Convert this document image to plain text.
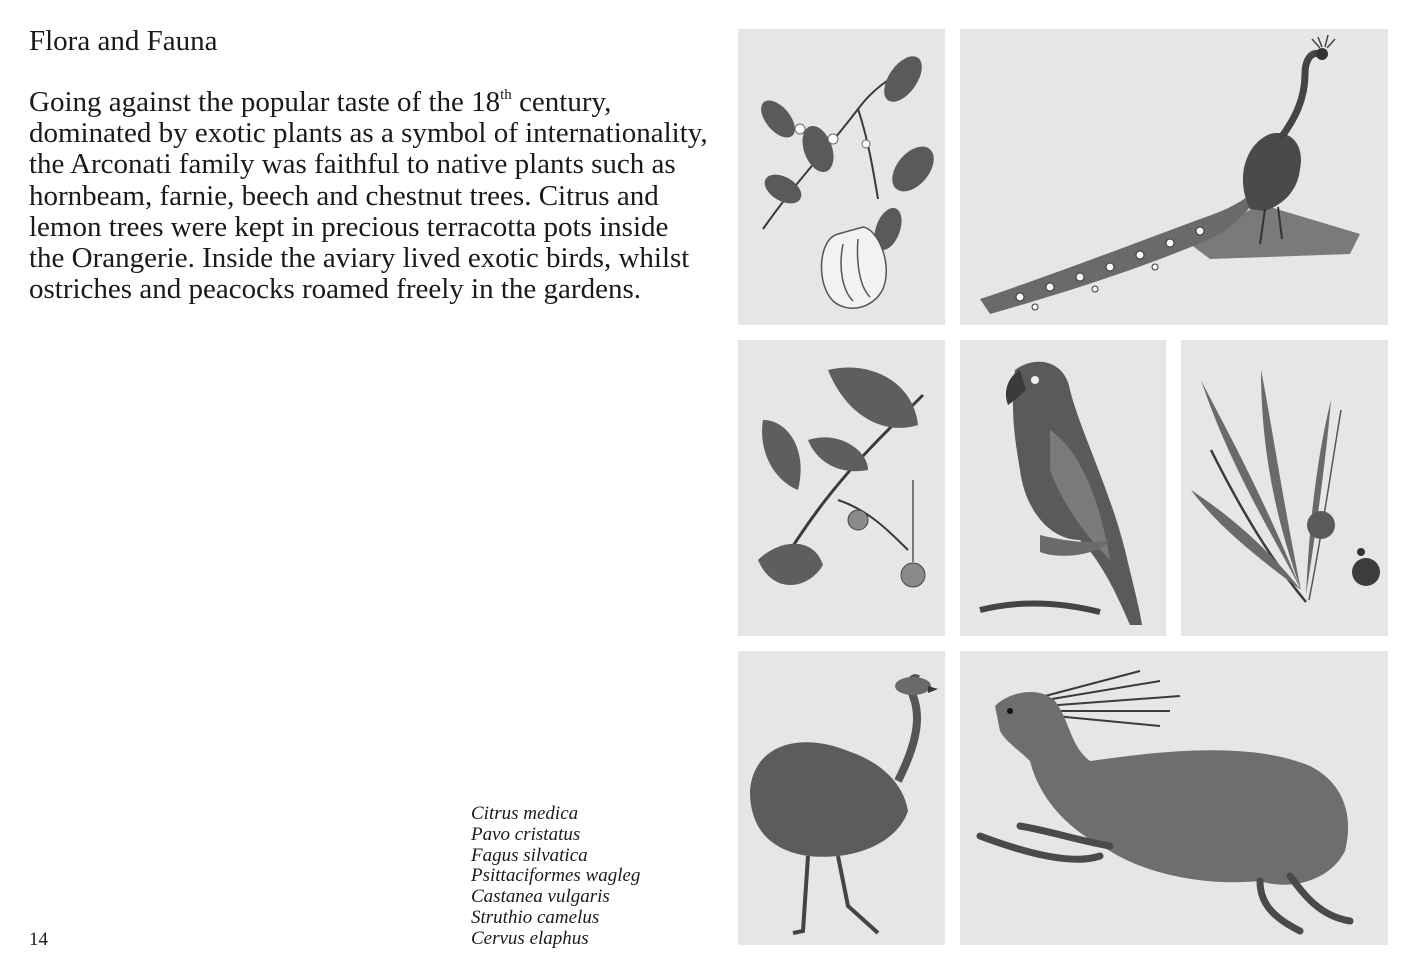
Flora and Fauna

Going against the popular taste of the 18th century, dominated by exotic plants as a symbol of internationality, the Arconati family was faithful to native plants such as hornbeam, farnie, beech and chestnut trees. Citrus and lemon trees were kept in precious terracotta pots inside the Orangerie. Inside the aviary lived exotic birds, whilst ostriches and peacocks roamed freely in the gardens.

Citrus medica
Pavo cristatus
Fagus silvatica
Psittaciformes wagleg
Castanea vulgaris
Struthio camelus
Cervus elaphus
14
